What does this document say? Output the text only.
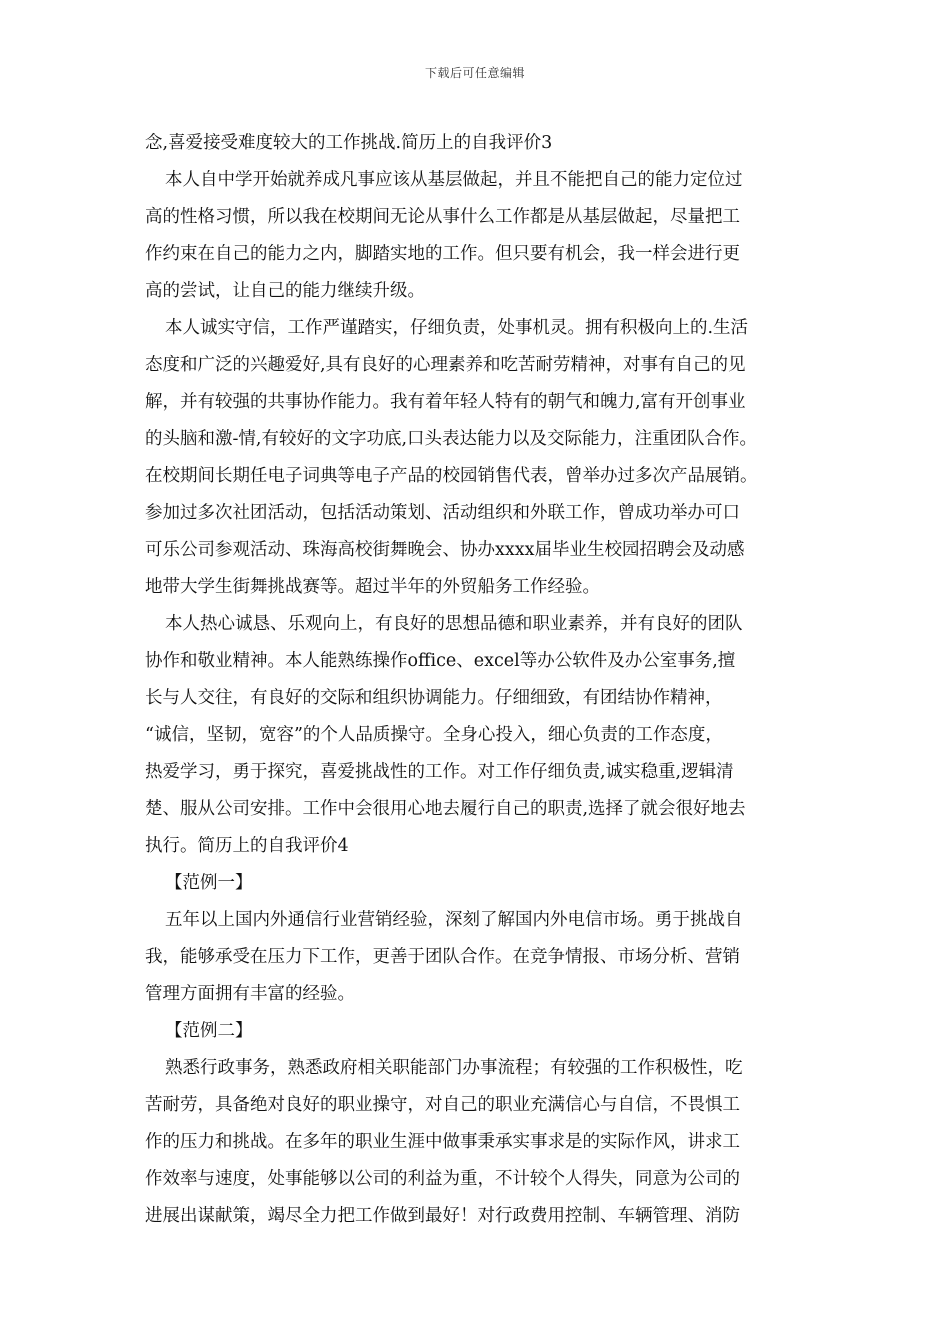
下载后可任意编辑
念,喜爱接受难度较大的工作挑战.简历上的自我评价3
本人自中学开始就养成凡事应该从基层做起，并且不能把自己的能力定位过
高的性格习惯，所以我在校期间无论从事什么工作都是从基层做起，尽量把工
作约束在自己的能力之内，脚踏实地的工作。但只要有机会，我一样会进行更
高的尝试，让自己的能力继续升级。
本人诚实守信，工作严谨踏实，仔细负责，处事机灵。拥有积极向上的.生活
态度和广泛的兴趣爱好,具有良好的心理素养和吃苦耐劳精神，对事有自己的见
解，并有较强的共事协作能力。我有着年轻人特有的朝气和魄力,富有开创事业
的头脑和激-情,有较好的文字功底,口头表达能力以及交际能力，注重团队合作。
在校期间长期任电子词典等电子产品的校园销售代表，曾举办过多次产品展销。
参加过多次社团活动，包括活动策划、活动组织和外联工作，曾成功举办可口
可乐公司参观活动、珠海高校街舞晚会、协办xxxx届毕业生校园招聘会及动感
地带大学生街舞挑战赛等。超过半年的外贸船务工作经验。
本人热心诚恳、乐观向上，有良好的思想品德和职业素养，并有良好的团队
协作和敬业精神。本人能熟练操作office、excel等办公软件及办公室事务,擅
长与人交往，有良好的交际和组织协调能力。仔细细致，有团结协作精神，
“诚信，坚韧，宽容”的个人品质操守。全身心投入，细心负责的工作态度，
热爱学习，勇于探究，喜爱挑战性的工作。对工作仔细负责,诚实稳重,逻辑清
楚、服从公司安排。工作中会很用心地去履行自己的职责,选择了就会很好地去
执行。简历上的自我评价4
【范例一】
五年以上国内外通信行业营销经验，深刻了解国内外电信市场。勇于挑战自
我，能够承受在压力下工作，更善于团队合作。在竞争情报、市场分析、营销
管理方面拥有丰富的经验。
【范例二】
熟悉行政事务，熟悉政府相关职能部门办事流程；有较强的工作积极性，吃
苦耐劳，具备绝对良好的职业操守，对自己的职业充满信心与自信，不畏惧工
作的压力和挑战。在多年的职业生涯中做事秉承实事求是的实际作风，讲求工
作效率与速度，处事能够以公司的利益为重，不计较个人得失，同意为公司的
进展出谋献策，竭尽全力把工作做到最好！对行政费用控制、车辆管理、消防
